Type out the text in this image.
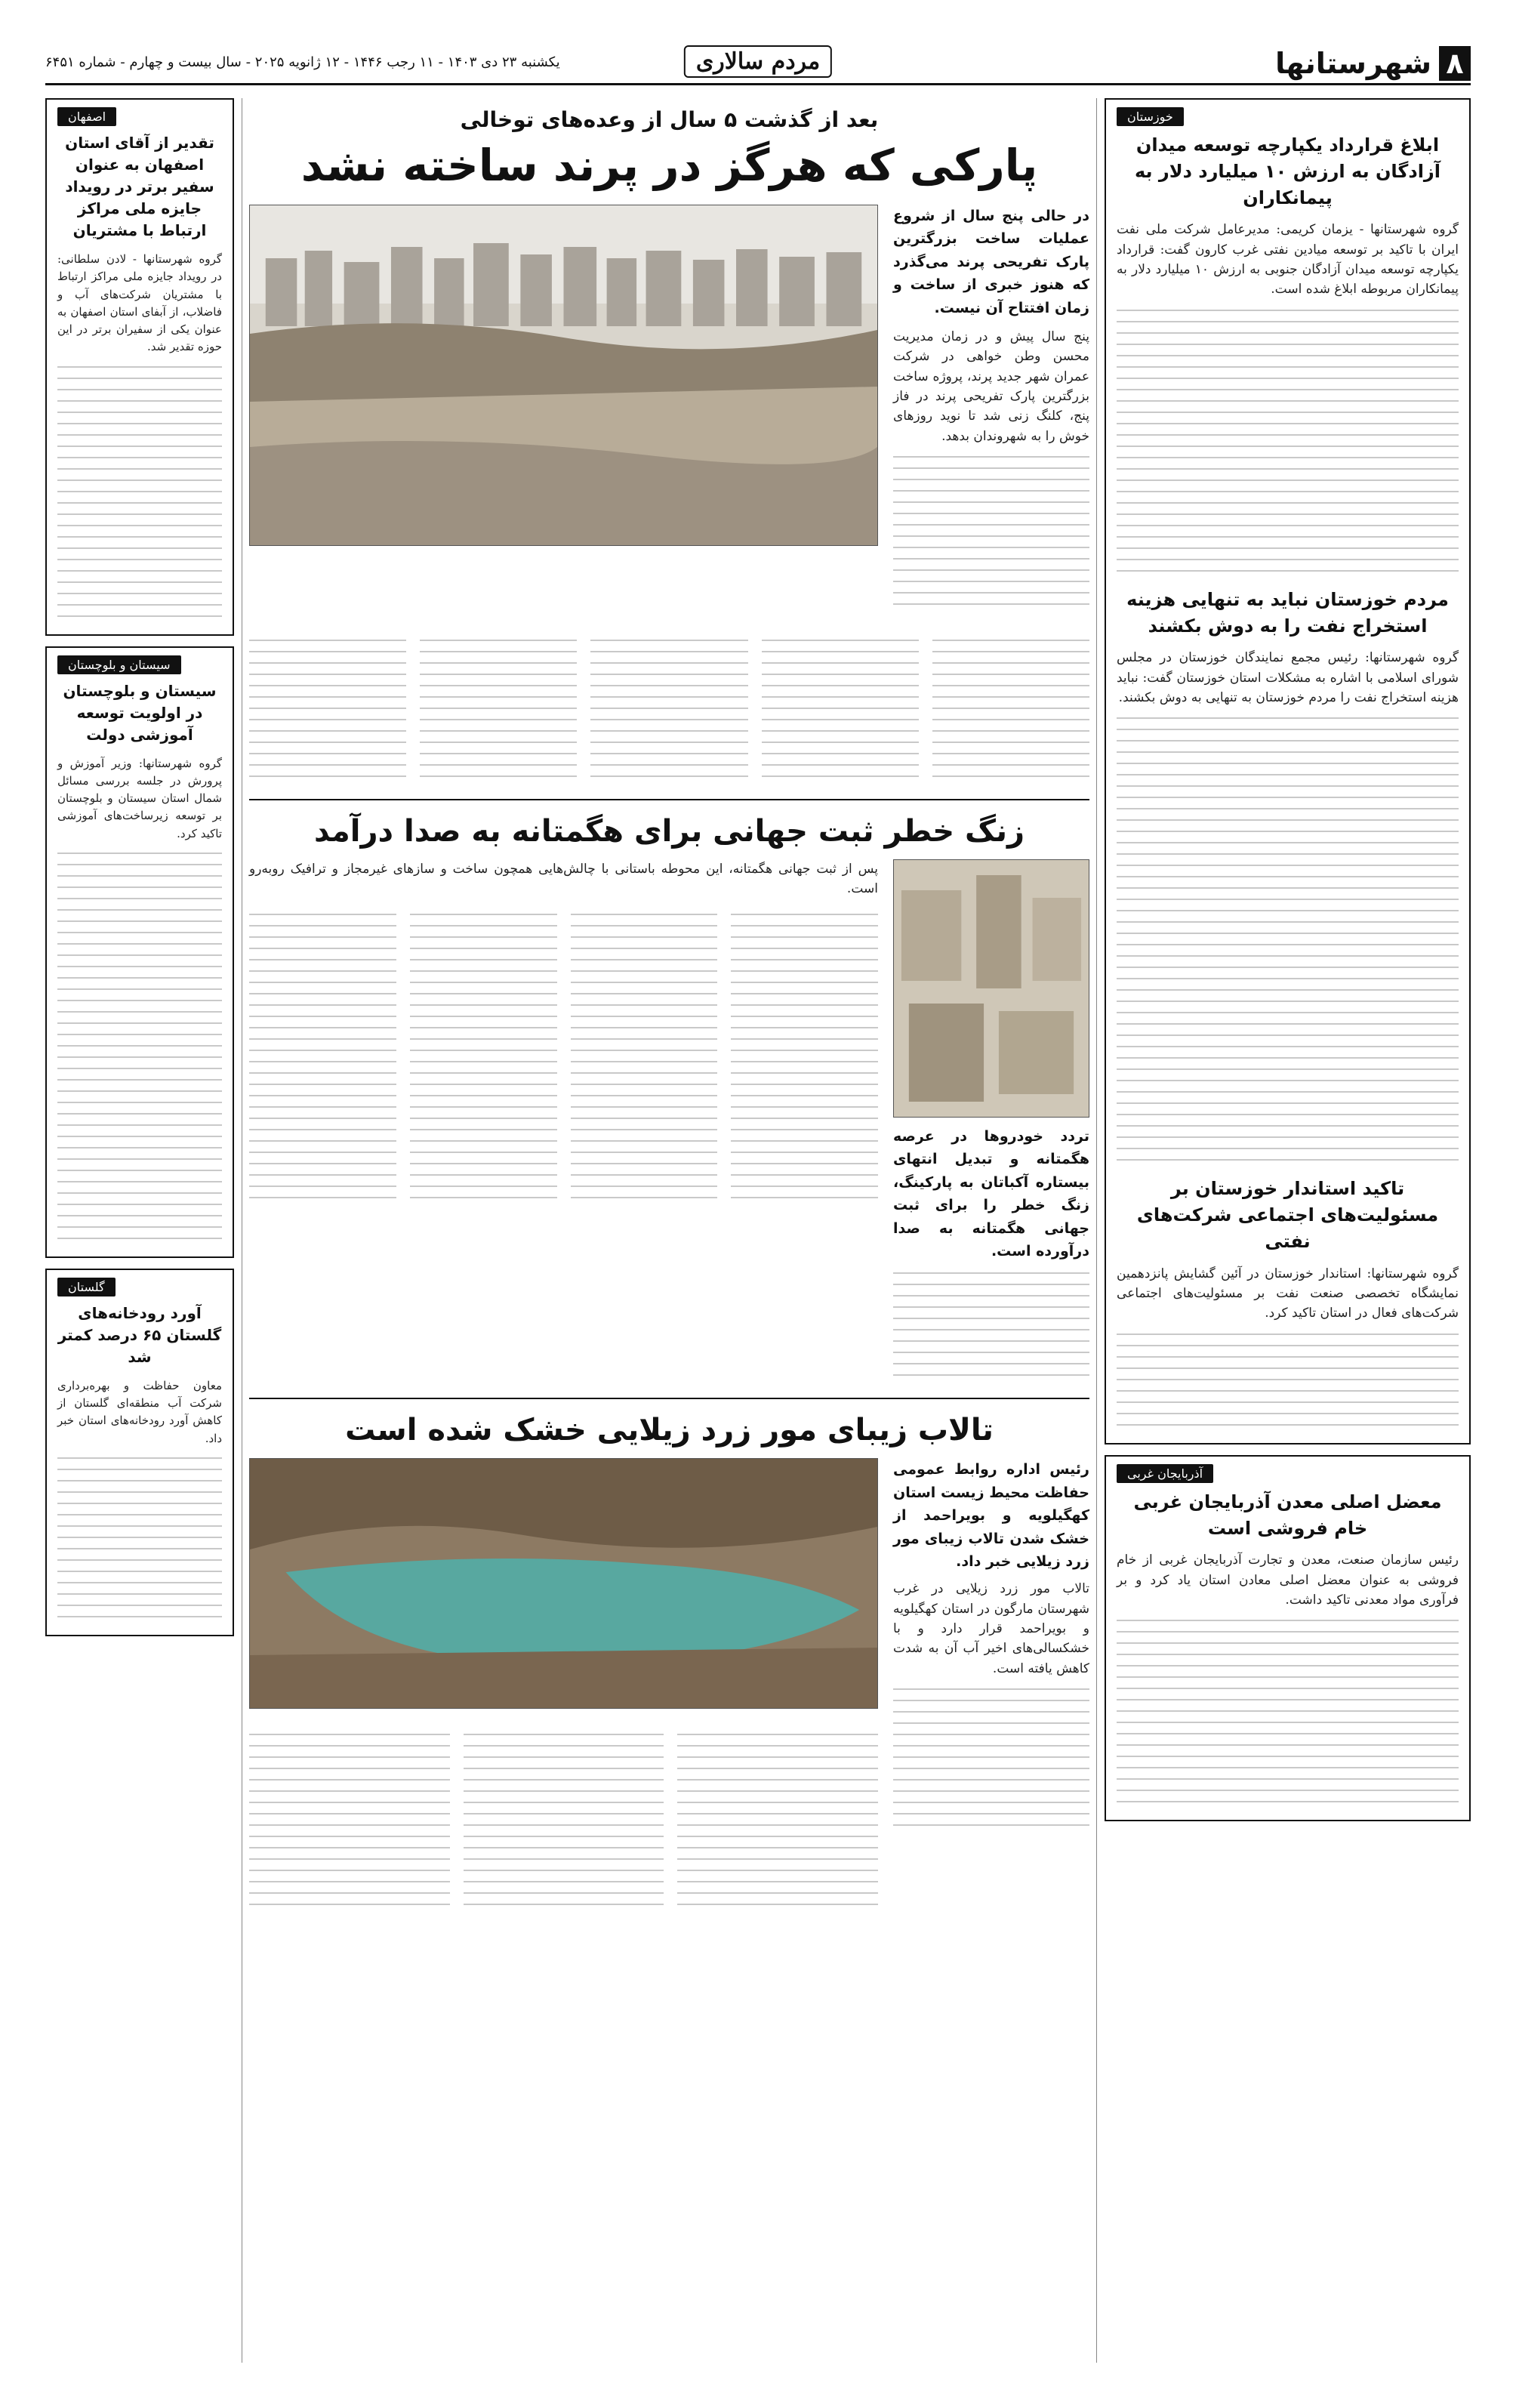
۸
شهرستانها
مردم سالاری
یکشنبه ۲۳ دی ۱۴۰۳ - ۱۱ رجب ۱۴۴۶ - ۱۲ ژانویه ۲۰۲۵ - سال بیست و چهارم - شماره ۶۴۵۱
خوزستان
ابلاغ قرارداد یکپارچه توسعه میدان آزادگان به ارزش ۱۰ میلیارد دلار به پیمانکاران
گروه شهرستانها - یزمان کریمی: مدیرعامل شرکت ملی نفت ایران با تاکید بر توسعه میادین نفتی غرب کارون گفت: قرارداد یکپارچه توسعه میدان آزادگان جنوبی به ارزش ۱۰ میلیارد دلار به پیمانکاران مربوطه ابلاغ شده است.
مردم خوزستان نباید به تنهایی هزینه استخراج نفت را به دوش بکشند
گروه شهرستانها: رئیس مجمع نمایندگان خوزستان در مجلس شورای اسلامی با اشاره به مشکلات استان خوزستان گفت: نباید هزینه استخراج نفت را مردم خوزستان به تنهایی به دوش بکشند.
تاکید استاندار خوزستان بر مسئولیت‌های اجتماعی شرکت‌های نفتی
گروه شهرستانها: استاندار خوزستان در آئین گشایش پانزدهمین نمایشگاه تخصصی صنعت نفت بر مسئولیت‌های اجتماعی شرکت‌های فعال در استان تاکید کرد.
آذربایجان غربی
معضل اصلی معدن آذربایجان غربی خام فروشی است
رئیس سازمان صنعت، معدن و تجارت آذربایجان غربی از خام فروشی به عنوان معضل اصلی معادن استان یاد کرد و بر فرآوری مواد معدنی تاکید داشت.
اصفهان
تقدیر از آقای استان اصفهان به عنوان سفیر برتر در رویداد جایزه ملی مراکز ارتباط با مشتریان
گروه شهرستانها - لادن سلطانی: در رویداد جایزه ملی مراکز ارتباط با مشتریان شرکت‌های آب و فاضلاب، از آبفای استان اصفهان به عنوان یکی از سفیران برتر در این حوزه تقدیر شد.
سیستان و بلوچستان
سیستان و بلوچستان در اولویت توسعه آموزشی دولت
گروه شهرستانها: وزیر آموزش و پرورش در جلسه بررسی مسائل شمال استان سیستان و بلوچستان بر توسعه زیرساخت‌های آموزشی تاکید کرد.
گلستان
آورد رودخانه‌های گلستان ۶۵ درصد کمتر شد
معاون حفاظت و بهره‌برداری شرکت آب منطقه‌ای گلستان از کاهش آورد رودخانه‌های استان خبر داد.
بعد از گذشت ۵ سال از وعده‌های توخالی
پارکی که هرگز در پرند ساخته نشد
در حالی پنج سال از شروع عملیات ساخت بزرگترین پارک تفریحی پرند می‌گذرد که هنوز خبری از ساخت و زمان افتتاح آن نیست.
پنج سال پیش و در زمان مدیریت محسن وطن خواهی در شرکت عمران شهر جدید پرند، پروژه ساخت بزرگترین پارک تفریحی پرند در فاز پنج، کلنگ زنی شد تا نوید روزهای خوش را به شهروندان بدهد.
زنگ خطر ثبت جهانی برای هگمتانه به صدا درآمد
تردد خودروها در عرصه هگمتانه و تبدیل انتهای بیستاره آکباتان به پارکینگ، زنگ خطر را برای ثبت جهانی هگمتانه به صدا درآورده است.
پس از ثبت جهانی هگمتانه، این محوطه باستانی با چالش‌هایی همچون ساخت و سازهای غیرمجاز و ترافیک روبه‌رو است.
تالاب زیبای مور زرد زیلایی خشک شده است
رئیس اداره روابط عمومی حفاظت محیط زیست استان کهگیلویه و بویراحمد از خشک شدن تالاب زیبای مور زرد زیلایی خبر داد.
تالاب مور زرد زیلایی در غرب شهرستان مارگون در استان کهگیلویه و بویراحمد قرار دارد و با خشکسالی‌های اخیر آب آن به شدت کاهش یافته است.
